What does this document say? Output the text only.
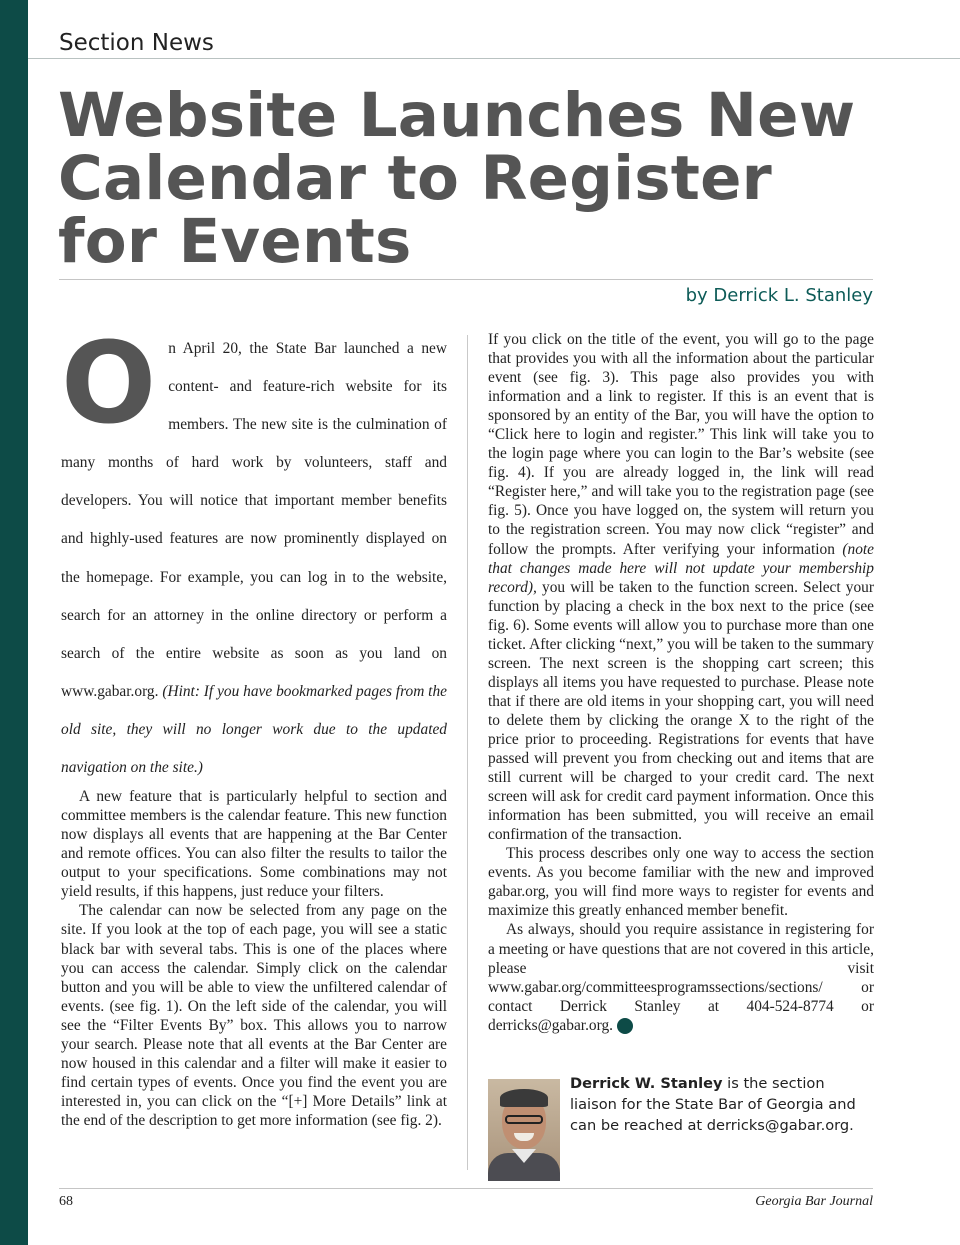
Section News
Website Launches New
Calendar to Register
for Events
by Derrick L. Stanley

On April 20, the State Bar launched a new content- and feature-rich website for its members. The new site is the culmination of many months of hard work by volunteers, staff and developers. You will notice that important member benefits and highly-used features are now prominently displayed on the homepage. For example, you can log in to the website, search for an attorney in the online directory or perform a search of the entire website as soon as you land on www.gabar.org. (Hint: If you have bookmarked pages from the old site, they will no longer work due to the updated navigation on the site.)

A new feature that is particularly helpful to section and committee members is the calendar feature. This new function now displays all events that are happening at the Bar Center and remote offices. You can also filter the results to tailor the output to your specifications. Some combinations may not yield results, if this happens, just reduce your filters.

The calendar can now be selected from any page on the site. If you look at the top of each page, you will see a static black bar with several tabs. This is one of the places where you can access the calendar. Simply click on the calendar button and you will be able to view the unfiltered calendar of events. (see fig. 1). On the left side of the calendar, you will see the “Filter Events By” box. This allows you to narrow your search. Please note that all events at the Bar Center are now housed in this calendar and a filter will make it easier to find certain types of events. Once you find the event you are interested in, you can click on the “[+] More Details” link at the end of the description to get more information (see fig. 2).

If you click on the title of the event, you will go to the page that provides you with all the information about the particular event (see fig. 3). This page also provides you with information and a link to register. If this is an event that is sponsored by an entity of the Bar, you will have the option to “Click here to login and register.” This link will take you to the login page where you can login to the Bar’s website (see fig. 4). If you are already logged in, the link will read “Register here,” and will take you to the registration page (see fig. 5). Once you have logged on, the system will return you to the registration screen. You may now click “register” and follow the prompts. After verifying your information (note that changes made here will not update your membership record), you will be taken to the function screen. Select your function by placing a check in the box next to the price (see fig. 6). Some events will allow you to purchase more than one ticket. After clicking “next,” you will be taken to the summary screen. The next screen is the shopping cart screen; this displays all items you have requested to purchase. Please note that if there are old items in your shopping cart, you will need to delete them by clicking the orange X to the right of the price prior to proceeding. Registrations for events that have passed will prevent you from checking out and items that are still current will be charged to your credit card. The next screen will ask for credit card payment information. Once this information has been submitted, you will receive an email confirmation of the transaction.

This process describes only one way to access the section events. As you become familiar with the new and improved gabar.org, you will find more ways to register for events and maximize this greatly enhanced member benefit.

As always, should you require assistance in registering for a meeting or have questions that are not covered in this article, please visit www.gabar.org/committeesprogramssections/sections/ or contact Derrick Stanley at 404-524-8774 or derricks@gabar.org.	GBJ

Derrick W. Stanley is the section liaison for the State Bar of Georgia and can be reached at derricks@gabar.org.
68	Georgia Bar Journal
